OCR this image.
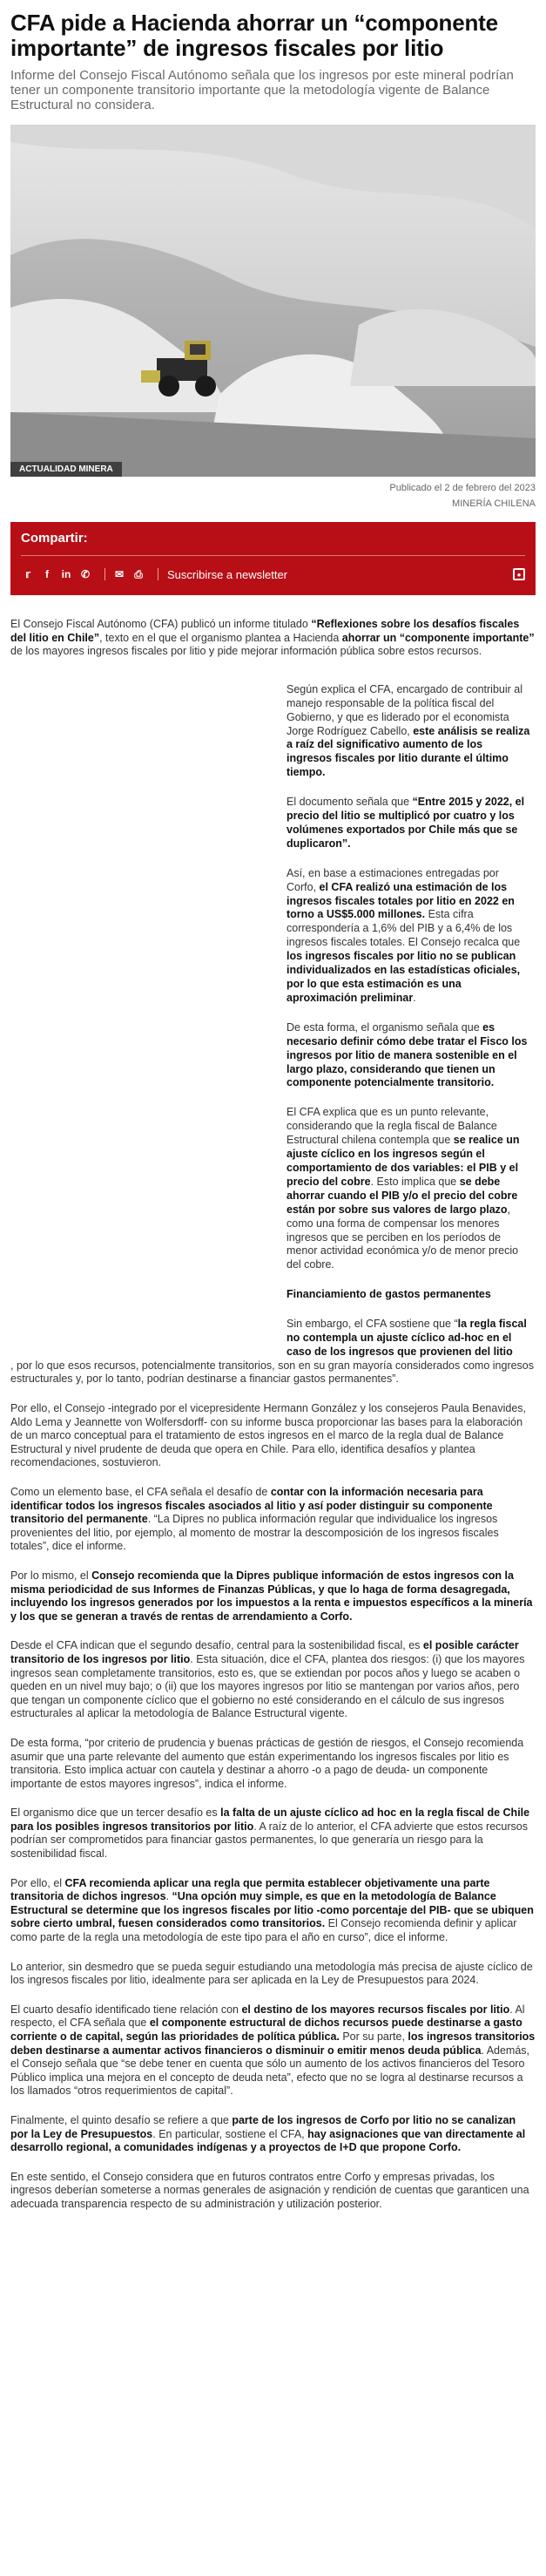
CFA pide a Hacienda ahorrar un “componente importante” de ingresos fiscales por litio

Informe del Consejo Fiscal Autónomo señala que los ingresos por este mineral podrían tener un componente transitorio importante que la metodología vigente de Balance Estructural no considera.

ACTUALIDAD MINERA
Publicado el 2 de febrero del 2023
MINERÍA CHILENA
Compartir:
𝕣	f	in ✆ ✉ ⎙ Suscribirse a newsletter	●

El Consejo Fiscal Autónomo (CFA) publicó un informe titulado “Reflexiones sobre los desafíos fiscales del litio en Chile”, texto en el que el organismo plantea a Hacienda ahorrar un “componente importante” de los mayores ingresos fiscales por litio y pide mejorar información pública sobre estos recursos.

Según explica el CFA, encargado de contribuir al manejo responsable de la política fiscal del Gobierno, y que es liderado por el economista Jorge Rodríguez Cabello, este análisis se realiza a raíz del significativo aumento de los ingresos fiscales por litio durante el último tiempo.

El documento señala que “Entre 2015 y 2022, el precio del litio se multiplicó por cuatro y los volúmenes exportados por Chile más que se duplicaron”.

Así, en base a estimaciones entregadas por Corfo, el CFA realizó una estimación de los ingresos fiscales totales por litio en 2022 en torno a US$5.000 millones. Esta cifra correspondería a 1,6% del PIB y a 6,4% de los ingresos fiscales totales. El Consejo recalca que los ingresos fiscales por litio no se publican individualizados en las estadísticas oficiales, por lo que esta estimación es una aproximación preliminar.

De esta forma, el organismo señala que es necesario definir cómo debe tratar el Fisco los ingresos por litio de manera sostenible en el largo plazo, considerando que tienen un componente potencialmente transitorio.

El CFA explica que es un punto relevante, considerando que la regla fiscal de Balance Estructural chilena contempla que se realice un ajuste cíclico en los ingresos según el comportamiento de dos variables: el PIB y el precio del cobre. Esto implica que se debe ahorrar cuando el PIB y/o el precio del cobre están por sobre sus valores de largo plazo, como una forma de compensar los menores ingresos que se perciben en los períodos de menor actividad económica y/o de menor precio del cobre.

Financiamiento de gastos permanentes

Sin embargo, el CFA sostiene que “la regla fiscal no contempla un ajuste cíclico ad-hoc en el caso de los ingresos que provienen del litio

, por lo que esos recursos, potencialmente transitorios, son en su gran mayoría considerados como ingresos estructurales y, por lo tanto, podrían destinarse a financiar gastos permanentes”.

Por ello, el Consejo -integrado por el vicepresidente Hermann González y los consejeros Paula Benavides, Aldo Lema y Jeannette von Wolfersdorff- con su informe busca proporcionar las bases para la elaboración de un marco conceptual para el tratamiento de estos ingresos en el marco de la regla dual de Balance Estructural y nivel prudente de deuda que opera en Chile. Para ello, identifica desafíos y plantea recomendaciones, sostuvieron.

Como un elemento base, el CFA señala el desafío de contar con la información necesaria para identificar todos los ingresos fiscales asociados al litio y así poder distinguir su componente transitorio del permanente. “La Dipres no publica información regular que individualice los ingresos provenientes del litio, por ejemplo, al momento de mostrar la descomposición de los ingresos fiscales totales”, dice el informe.

Por lo mismo, el Consejo recomienda que la Dipres publique información de estos ingresos con la misma periodicidad de sus Informes de Finanzas Públicas, y que lo haga de forma desagregada, incluyendo los ingresos generados por los impuestos a la renta e impuestos específicos a la minería y los que se generan a través de rentas de arrendamiento a Corfo.

Desde el CFA indican que el segundo desafío, central para la sostenibilidad fiscal, es el posible carácter transitorio de los ingresos por litio. Esta situación, dice el CFA, plantea dos riesgos: (i) que los mayores ingresos sean completamente transitorios, esto es, que se extiendan por pocos años y luego se acaben o queden en un nivel muy bajo; o (ii) que los mayores ingresos por litio se mantengan por varios años, pero que tengan un componente cíclico que el gobierno no esté considerando en el cálculo de sus ingresos estructurales al aplicar la metodología de Balance Estructural vigente.

De esta forma, “por criterio de prudencia y buenas prácticas de gestión de riesgos, el Consejo recomienda asumir que una parte relevante del aumento que están experimentando los ingresos fiscales por litio es transitoria. Esto implica actuar con cautela y destinar a ahorro -o a pago de deuda- un componente importante de estos mayores ingresos”, indica el informe.

El organismo dice que un tercer desafío es la falta de un ajuste cíclico ad hoc en la regla fiscal de Chile para los posibles ingresos transitorios por litio. A raíz de lo anterior, el CFA advierte que estos recursos podrían ser comprometidos para financiar gastos permanentes, lo que generaría un riesgo para la sostenibilidad fiscal.

Por ello, el CFA recomienda aplicar una regla que permita establecer objetivamente una parte transitoria de dichos ingresos. “Una opción muy simple, es que en la metodología de Balance Estructural se determine que los ingresos fiscales por litio -como porcentaje del PIB- que se ubiquen sobre cierto umbral, fuesen considerados como transitorios. El Consejo recomienda definir y aplicar como parte de la regla una metodología de este tipo para el año en curso”, dice el informe.

Lo anterior, sin desmedro que se pueda seguir estudiando una metodología más precisa de ajuste cíclico de los ingresos fiscales por litio, idealmente para ser aplicada en la Ley de Presupuestos para 2024.

El cuarto desafío identificado tiene relación con el destino de los mayores recursos fiscales por litio. Al respecto, el CFA señala que el componente estructural de dichos recursos puede destinarse a gasto corriente o de capital, según las prioridades de política pública. Por su parte, los ingresos transitorios deben destinarse a aumentar activos financieros o disminuir o emitir menos deuda pública. Además, el Consejo señala que “se debe tener en cuenta que sólo un aumento de los activos financieros del Tesoro Público implica una mejora en el concepto de deuda neta”, efecto que no se logra al destinarse recursos a los llamados “otros requerimientos de capital”.

Finalmente, el quinto desafío se refiere a que parte de los ingresos de Corfo por litio no se canalizan por la Ley de Presupuestos. En particular, sostiene el CFA, hay asignaciones que van directamente al desarrollo regional, a comunidades indígenas y a proyectos de I+D que propone Corfo.

En este sentido, el Consejo considera que en futuros contratos entre Corfo y empresas privadas, los ingresos deberían someterse a normas generales de asignación y rendición de cuentas que garanticen una adecuada transparencia respecto de su administración y utilización posterior.
